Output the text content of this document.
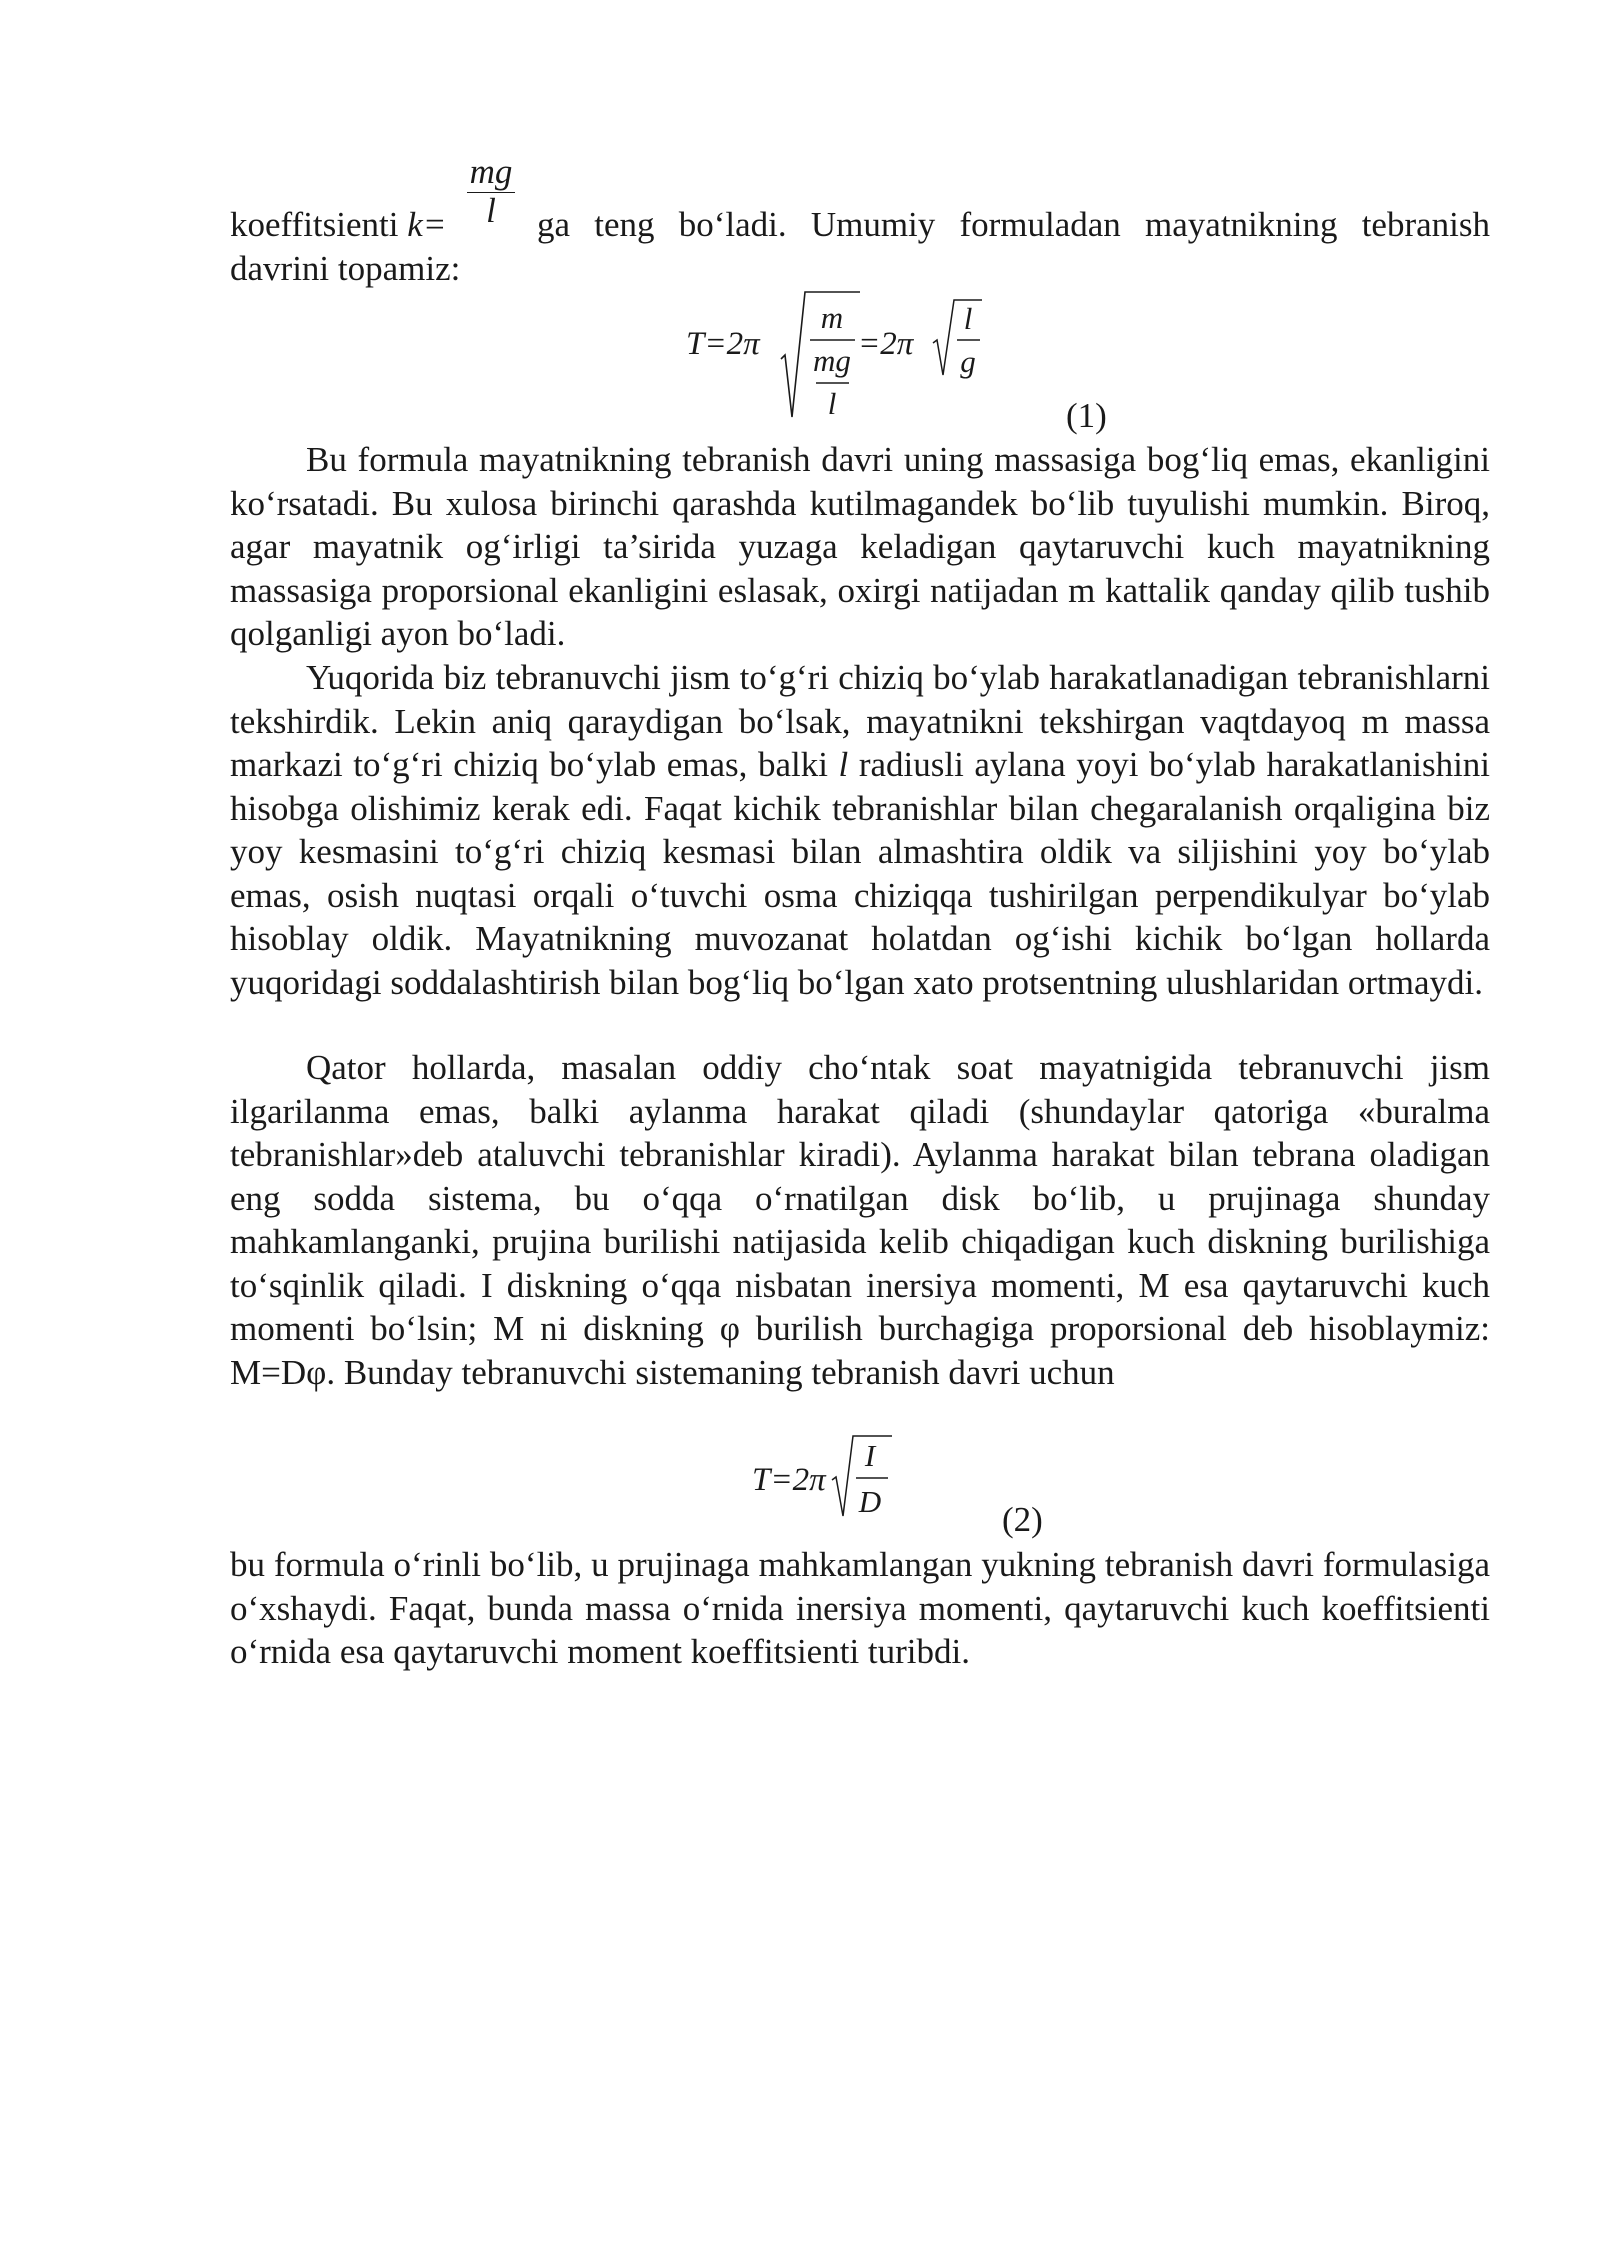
mg
l
koeffitsienti k=	ga teng bo‘ladi. Umumiy formuladan mayatnikning tebranish
davrini topamiz:
T=2π
m
mg
l
=2π
l
g
(1)

Bu formula mayatnikning tebranish davri uning massasiga bog‘liq emas, ekanligini ko‘rsatadi. Bu xulosa birinchi qarashda kutilmagandek bo‘lib tuyulishi mumkin. Biroq, agar mayatnik og‘irligi ta’sirida yuzaga keladigan qaytaruvchi kuch mayatnikning massasiga proporsional ekanligini eslasak, oxirgi natijadan m kattalik qanday qilib tushib qolganligi ayon bo‘ladi.

Yuqorida biz tebranuvchi jism to‘g‘ri chiziq bo‘ylab harakatlanadigan tebranishlarni tekshirdik. Lekin aniq qaraydigan bo‘lsak, mayatnikni tekshirgan vaqtdayoq m massa markazi to‘g‘ri chiziq bo‘ylab emas, balki l radiusli aylana yoyi bo‘ylab harakatlanishini hisobga olishimiz kerak edi. Faqat kichik tebranishlar bilan chegaralanish orqaligina biz yoy kesmasini to‘g‘ri chiziq kesmasi bilan almashtira oldik va siljishini yoy bo‘ylab emas, osish nuqtasi orqali o‘tuvchi osma chiziqqa tushirilgan perpendikulyar bo‘ylab hisoblay oldik. Mayatnikning muvozanat holatdan og‘ishi kichik bo‘lgan hollarda yuqoridagi soddalashtirish bilan bog‘liq bo‘lgan xato protsentning ulushlaridan ortmaydi.

Qator hollarda, masalan oddiy cho‘ntak soat mayatnigida tebranuvchi jism ilgarilanma emas, balki aylanma harakat qiladi (shundaylar qatoriga «buralma tebranishlar»deb ataluvchi tebranishlar kiradi). Aylanma harakat bilan tebrana oladigan eng sodda sistema, bu o‘qqa o‘rnatilgan disk bo‘lib, u prujinaga shunday mahkamlanganki, prujina burilishi natijasida kelib chiqadigan kuch diskning burilishiga to‘sqinlik qiladi. I diskning o‘qqa nisbatan inersiya momenti, M esa qaytaruvchi kuch momenti bo‘lsin; M ni diskning φ burilish burchagiga proporsional deb hisoblaymiz: M=Dφ. Bunday tebranuvchi sistemaning tebranish davri uchun

T=2π
I
D	(2)

bu formula o‘rinli bo‘lib, u prujinaga mahkamlangan yukning tebranish davri formulasiga o‘xshaydi. Faqat, bunda massa o‘rnida inersiya momenti, qaytaruvchi kuch koeffitsienti o‘rnida esa qaytaruvchi moment koeffitsienti turibdi.
